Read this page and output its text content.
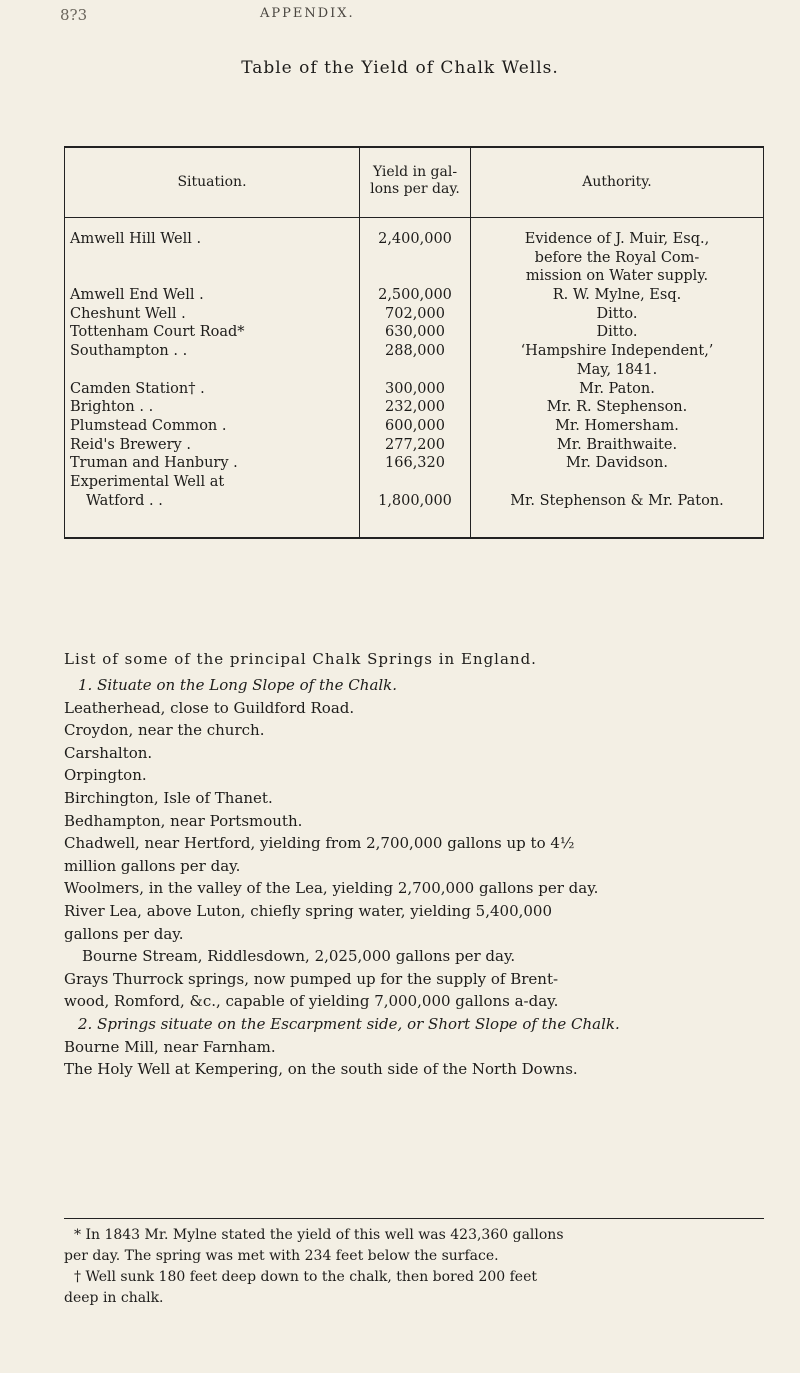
8?3	APPENDIX.
Table of the Yield of Chalk Wells.
Situation.
Yield in gal-
lons per day.	Authority.
Amwell Hill Well .
Amwell End Well .
Cheshunt Well .
Tottenham Court Road*
Southampton . .
Camden Station† .
Brighton . .
Plumstead Common .
Reid's Brewery .
Truman and Hanbury .
Experimental Well at
Watford . .
2,400,000
2,500,000
702,000
630,000
288,000
300,000
232,000
600,000
277,200
166,320
1,800,000
Evidence of J. Muir, Esq.,
before the Royal Com-
mission on Water supply.
R. W. Mylne, Esq.
Ditto.
Ditto.
‘Hampshire Independent,’
May, 1841.
Mr. Paton.
Mr. R. Stephenson.
Mr. Homersham.
Mr. Braithwaite.
Mr. Davidson.
Mr. Stephenson & Mr. Paton.
List of some of the principal Chalk Springs in England.
1. Situate on the Long Slope of the Chalk.
Leatherhead, close to Guildford Road.
Croydon, near the church.
Carshalton.
Orpington.
Birchington, Isle of Thanet.
Bedhampton, near Portsmouth.
Chadwell, near Hertford, yielding from 2,700,000 gallons up to 4½
million gallons per day.
Woolmers, in the valley of the Lea, yielding 2,700,000 gallons per day.
River Lea, above Luton, chiefly spring water, yielding 5,400,000
gallons per day.
Bourne Stream, Riddlesdown, 2,025,000 gallons per day.
Grays Thurrock springs, now pumped up for the supply of Brent-
wood, Romford, &c., capable of yielding 7,000,000 gallons a-day.
2. Springs situate on the Escarpment side, or Short Slope of the Chalk.
Bourne Mill, near Farnham.
The Holy Well at Kempering, on the south side of the North Downs.
* In 1843 Mr. Mylne stated the yield of this well was 423,360 gallons
per day. The spring was met with 234 feet below the surface.
† Well sunk 180 feet deep down to the chalk, then bored 200 feet
deep in chalk.
